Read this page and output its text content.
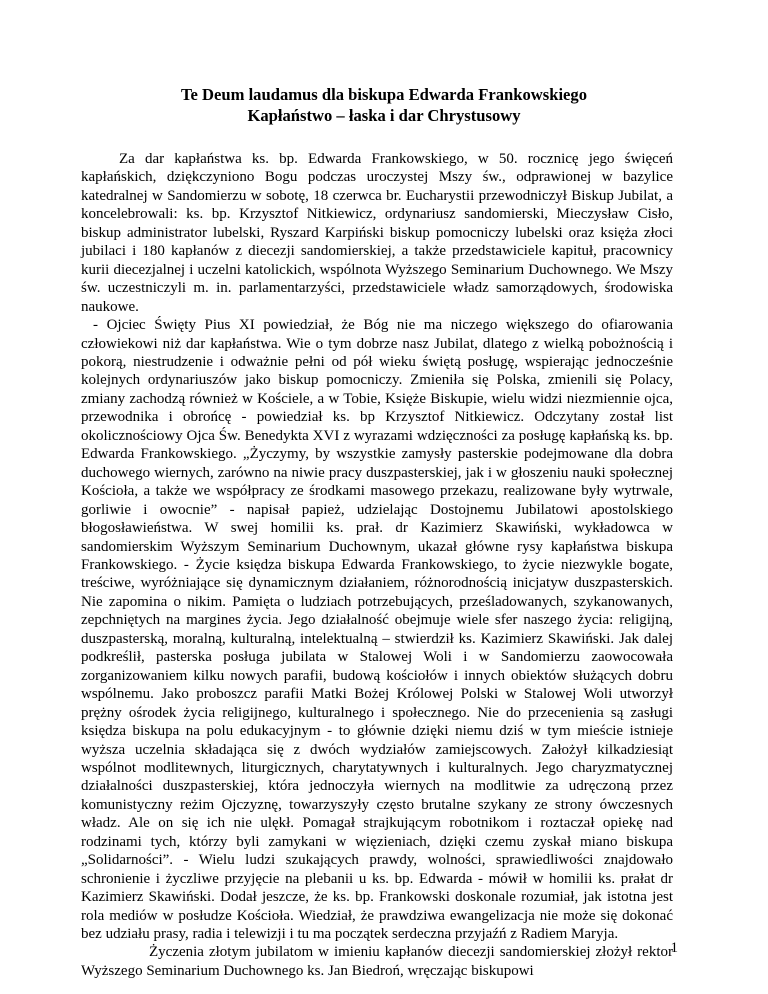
Te Deum laudamus dla biskupa Edwarda Frankowskiego
Kapłaństwo – łaska i dar Chrystusowy

Za dar kapłaństwa ks. bp. Edwarda Frankowskiego, w 50. rocznicę jego święceń kapłańskich, dziękczyniono Bogu podczas uroczystej Mszy św., odprawionej w bazylice katedralnej w Sandomierzu w sobotę, 18 czerwca br. Eucharystii przewodniczył Biskup Jubilat, a koncelebrowali: ks. bp. Krzysztof Nitkiewicz, ordynariusz sandomierski, Mieczysław Cisło, biskup administrator lubelski, Ryszard Karpiński biskup pomocniczy lubelski oraz księża złoci jubilaci i 180 kapłanów z diecezji sandomierskiej, a także przedstawiciele kapituł, pracownicy kurii diecezjalnej i uczelni katolickich, wspólnota Wyższego Seminarium Duchownego. We Mszy św. uczestniczyli m. in. parlamentarzyści, przedstawiciele władz samorządowych, środowiska naukowe.

- Ojciec Święty Pius XI powiedział, że Bóg nie ma niczego większego do ofiarowania człowiekowi niż dar kapłaństwa. Wie o tym dobrze nasz Jubilat, dlatego z wielką pobożnością i pokorą, niestrudzenie i odważnie pełni od pół wieku świętą posługę, wspierając jednocześnie kolejnych ordynariuszów jako biskup pomocniczy. Zmieniła się Polska, zmienili się Polacy, zmiany zachodzą również w Kościele, a w Tobie, Księże Biskupie, wielu widzi niezmiennie ojca, przewodnika i obrońcę - powiedział ks. bp Krzysztof Nitkiewicz. Odczytany został list okolicznościowy Ojca Św. Benedykta XVI z wyrazami wdzięczności za posługę kapłańską ks. bp. Edwarda Frankowskiego. „Życzymy, by wszystkie zamysły pasterskie podejmowane dla dobra duchowego wiernych, zarówno na niwie pracy duszpasterskiej, jak i w głoszeniu nauki społecznej Kościoła, a także we współpracy ze środkami masowego przekazu, realizowane były wytrwale, gorliwie i owocnie” - napisał papież, udzielając Dostojnemu Jubilatowi apostolskiego błogosławieństwa. W swej homilii ks. prał. dr Kazimierz Skawiński, wykładowca w sandomierskim Wyższym Seminarium Duchownym, ukazał główne rysy kapłaństwa biskupa Frankowskiego. - Życie księdza biskupa Edwarda Frankowskiego, to życie niezwykle bogate, treściwe, wyróżniające się dynamicznym działaniem, różnorodnością inicjatyw duszpasterskich. Nie zapomina o nikim. Pamięta o ludziach potrzebujących, prześladowanych, szykanowanych, zepchniętych na margines życia. Jego działalność obejmuje wiele sfer naszego życia: religijną, duszpasterską, moralną, kulturalną, intelektualną – stwierdził ks. Kazimierz Skawiński. Jak dalej podkreślił, pasterska posługa jubilata w Stalowej Woli i w Sandomierzu zaowocowała zorganizowaniem kilku nowych parafii, budową kościołów i innych obiektów służących dobru wspólnemu. Jako proboszcz parafii Matki Bożej Królowej Polski w Stalowej Woli utworzył prężny ośrodek życia religijnego, kulturalnego i społecznego. Nie do przecenienia są zasługi księdza biskupa na polu edukacyjnym - to głównie dzięki niemu dziś w tym mieście istnieje wyższa uczelnia składająca się z dwóch wydziałów zamiejscowych. Założył kilkadziesiąt wspólnot modlitewnych, liturgicznych, charytatywnych i kulturalnych. Jego charyzmatycznej działalności duszpasterskiej, która jednoczyła wiernych na modlitwie za udręczoną przez komunistyczny reżim Ojczyznę, towarzyszyły często brutalne szykany ze strony ówczesnych władz. Ale on się ich nie ulękł. Pomagał strajkującym robotnikom i roztaczał opiekę nad rodzinami tych, którzy byli zamykani w więzieniach, dzięki czemu zyskał miano biskupa „Solidarności”. - Wielu ludzi szukających prawdy, wolności, sprawiedliwości znajdowało schronienie i życzliwe przyjęcie na plebanii u ks. bp. Edwarda - mówił w homilii ks. prałat dr Kazimierz Skawiński. Dodał jeszcze, że ks. bp. Frankowski doskonale rozumiał, jak istotna jest rola mediów w posłudze Kościoła. Wiedział, że prawdziwa ewangelizacja nie może się dokonać bez udziału prasy, radia i telewizji i tu ma początek serdeczna przyjaźń z Radiem Maryja.

Życzenia złotym jubilatom w imieniu kapłanów diecezji sandomierskiej złożył rektor Wyższego Seminarium Duchownego ks. Jan Biedroń, wręczając biskupowi

1
